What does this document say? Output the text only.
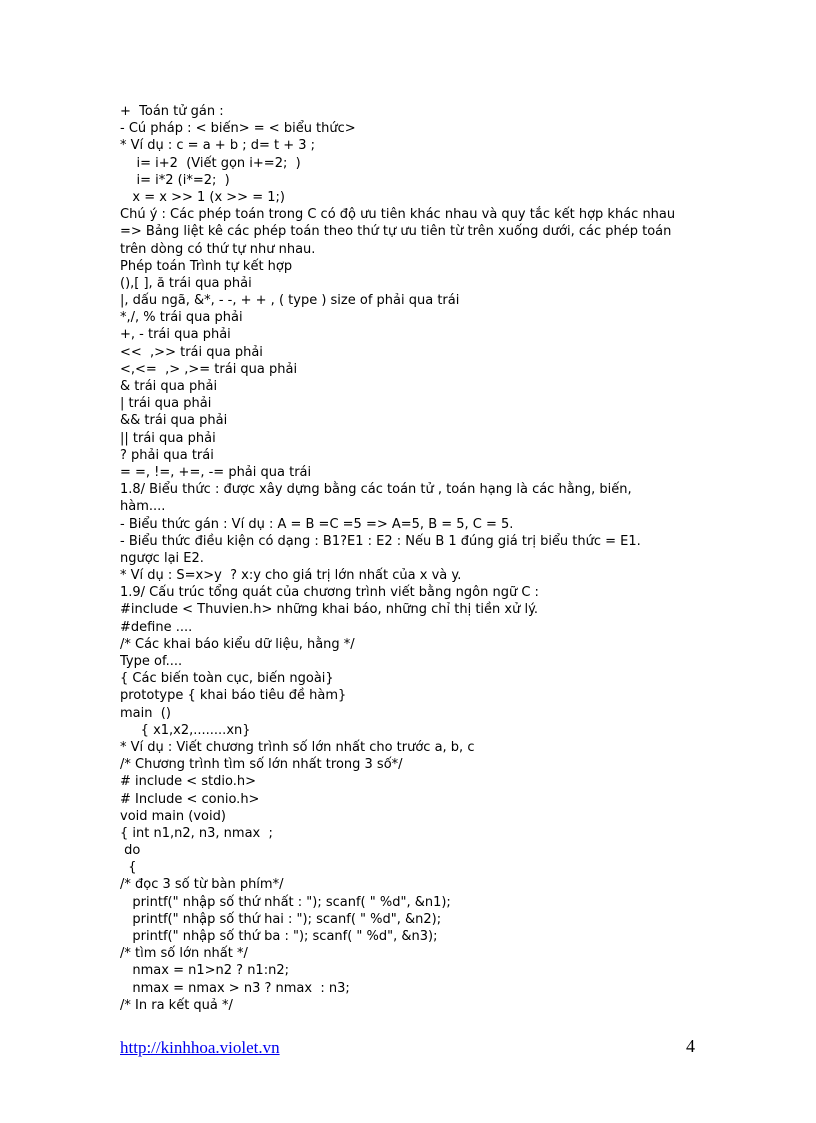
+  Toán tử gán :
- Cú pháp : < biến> = < biểu thức>
* Ví dụ : c = a + b ; d= t + 3 ;
i= i+2  (Viết gọn i+=2;  )
i= i*2 (i*=2;  )
x = x >> 1 (x >> = 1;)
Chú ý : Các phép toán trong C có độ ưu tiên khác nhau và quy tắc kết hợp khác nhau
=> Bảng liệt kê các phép toán theo thứ tự ưu tiên từ trên xuống dưới, các phép toán
trên dòng có thứ tự như nhau.
Phép toán Trình tự kết hợp
(),[ ], ă trái qua phải
|, dấu ngã, &*, - -, + + , ( type ) size of phải qua trái
*,/, % trái qua phải
+, - trái qua phải
<<  ,>> trái qua phải
<,<=  ,> ,>= trái qua phải
& trái qua phải
| trái qua phải
&& trái qua phải
|| trái qua phải
? phải qua trái
= =, !=, +=, -= phải qua trái
1.8/ Biểu thức : được xây dựng bằng các toán tử , toán hạng là các hằng, biến,
hàm....
- Biểu thức gán : Ví dụ : A = B =C =5 => A=5, B = 5, C = 5.
- Biểu thức điều kiện có dạng : B1?E1 : E2 : Nếu B 1 đúng giá trị biểu thức = E1.
ngược lại E2.
* Ví dụ : S=x>y  ? x:y cho giá trị lớn nhất của x và y.
1.9/ Cấu trúc tổng quát của chương trình viết bằng ngôn ngữ C :
#include < Thuvien.h> những khai báo, những chỉ thị tiền xử lý.
#define ....
/* Các khai báo kiểu dữ liệu, hằng */
Type of....
{ Các biến toàn cục, biến ngoài}
prototype { khai báo tiêu đề hàm}
main  ()
{ x1,x2,........xn}
* Ví dụ : Viết chương trình số lớn nhất cho trước a, b, c
/* Chương trình tìm số lớn nhất trong 3 số*/
# include < stdio.h>
# Include < conio.h>
void main (void)
{ int n1,n2, n3, nmax  ;
do
{
/* đọc 3 số từ bàn phím*/
printf(" nhập số thứ nhất : "); scanf( " %d", &n1);
printf(" nhập số thứ hai : "); scanf( " %d", &n2);
printf(" nhập số thứ ba : "); scanf( " %d", &n3);
/* tìm số lớn nhất */
nmax = n1>n2 ? n1:n2;
nmax = nmax > n3 ? nmax  : n3;
/* In ra kết quả */
http://kinhhoa.violet.vn	4
